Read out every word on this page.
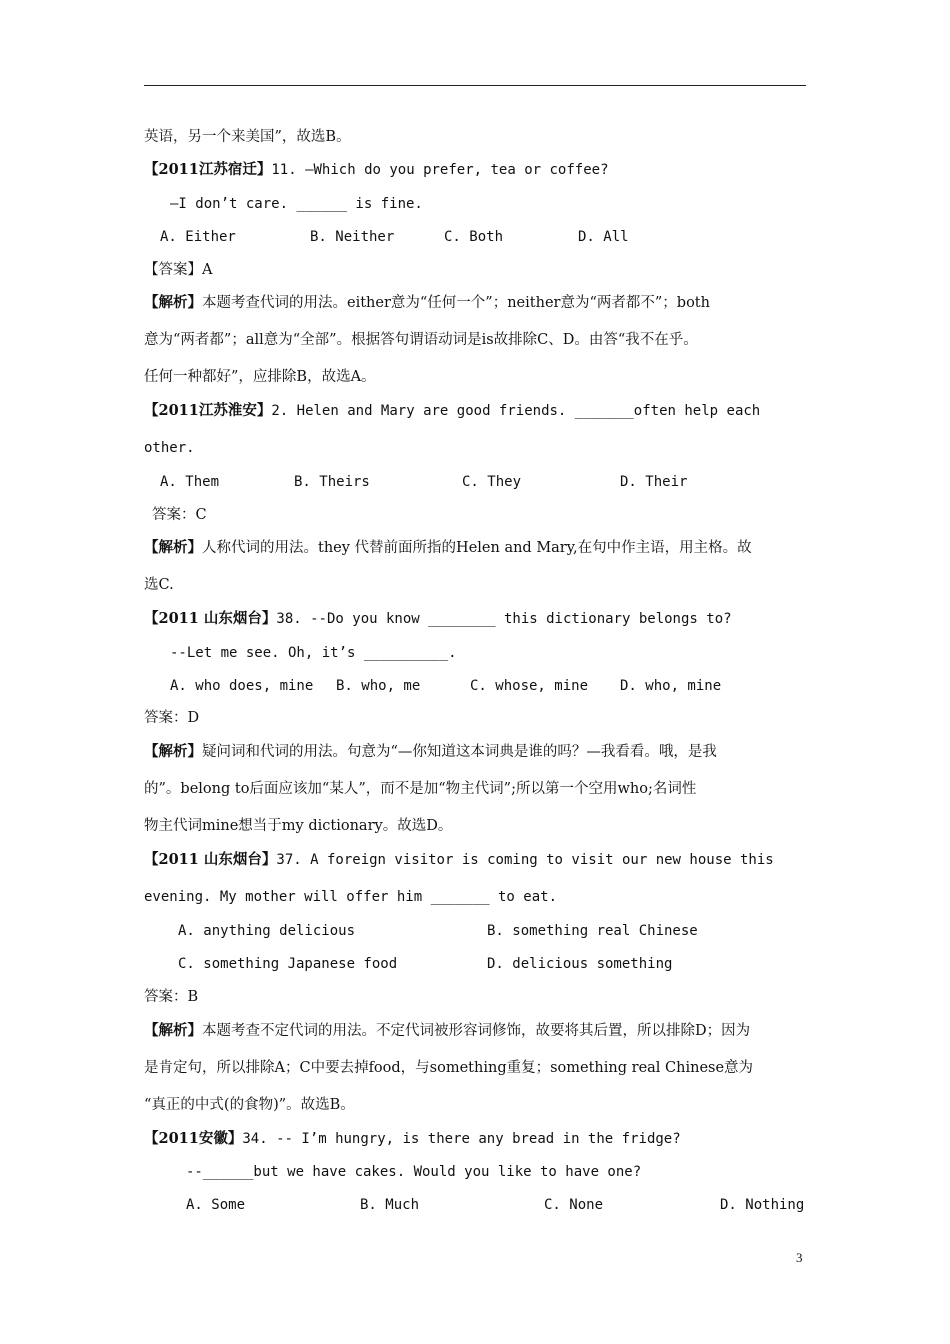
英语，另一个来美国”，故选B。
【2011江苏宿迁】11. —Which do you prefer, tea or coffee?
—I don’t care. ______ is fine.
A. Either	B. Neither	C. Both	D. All
【答案】A
【解析】本题考查代词的用法。either意为“任何一个”；neither意为“两者都不”；both
意为“两者都”；all意为“全部”。根据答句谓语动词是is故排除C、D。由答“我不在乎。
任何一种都好”，应排除B，故选A。
【2011江苏淮安】2. Helen and Mary are good friends. _______often help each
other.
A. Them	B. Theirs	C. They	D. Their
答案：C
【解析】人称代词的用法。they 代替前面所指的Helen and Mary,在句中作主语，用主格。故
选C.
【2011 山东烟台】38. --Do you know ________ this dictionary belongs to?
--Let me see. Oh, it’s __________.
A. who does, mine B. who, me	C. whose, mine D. who, mine
答案：D
【解析】疑问词和代词的用法。句意为“—你知道这本词典是谁的吗？—我看看。哦，是我
的”。belong to后面应该加“某人”，而不是加“物主代词”;所以第一个空用who;名词性
物主代词mine想当于my dictionary。故选D。
【2011 山东烟台】37. A foreign visitor is coming to visit our new house this
evening. My mother will offer him _______ to eat.
A. anything delicious	B. something real Chinese
C. something Japanese food	D. delicious something
答案：B
【解析】本题考查不定代词的用法。不定代词被形容词修饰，故要将其后置，所以排除D；因为
是肯定句，所以排除A；C中要去掉food，与something重复；something real Chinese意为
“真正的中式(的食物)”。故选B。
【2011安徽】34. -- I’m hungry, is there any bread in the fridge?
--______but we have cakes. Would you like to have one?
A. Some	B. Much	C. None	D. Nothing
3
